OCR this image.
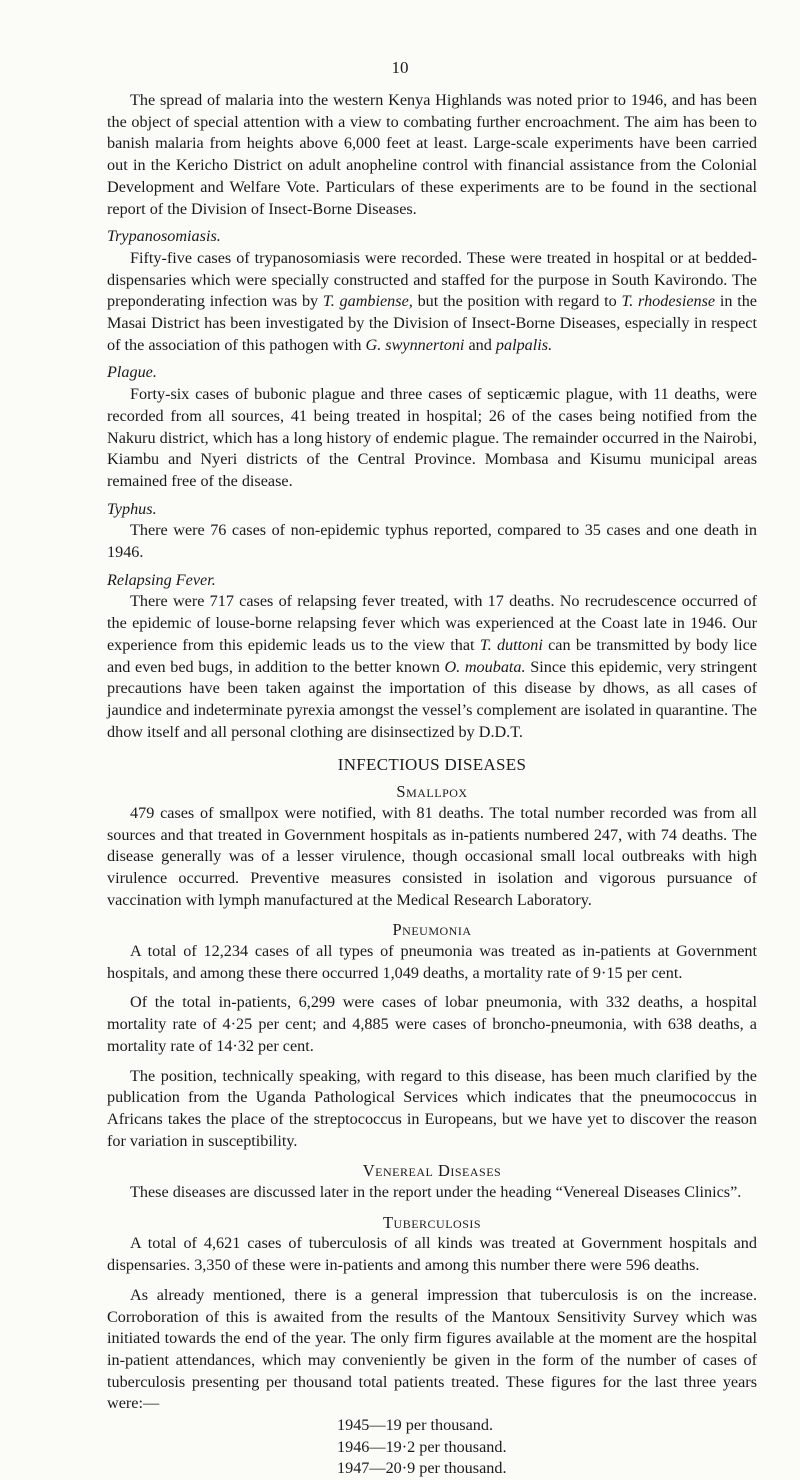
10

The spread of malaria into the western Kenya Highlands was noted prior to 1946, and has been the object of special attention with a view to combating further encroachment. The aim has been to banish malaria from heights above 6,000 feet at least. Large-scale experiments have been carried out in the Kericho District on adult anopheline control with financial assistance from the Colonial Development and Welfare Vote. Particulars of these experiments are to be found in the sectional report of the Division of Insect-Borne Diseases.

Trypanosomiasis.

Fifty-five cases of trypanosomiasis were recorded. These were treated in hospital or at bedded-dispensaries which were specially constructed and staffed for the purpose in South Kavirondo. The preponderating infection was by T. gambiense, but the position with regard to T. rhodesiense in the Masai District has been investigated by the Division of Insect-Borne Diseases, especially in respect of the association of this pathogen with G. swynnertoni and palpalis.

Plague.

Forty-six cases of bubonic plague and three cases of septicæmic plague, with 11 deaths, were recorded from all sources, 41 being treated in hospital; 26 of the cases being notified from the Nakuru district, which has a long history of endemic plague. The remainder occurred in the Nairobi, Kiambu and Nyeri districts of the Central Province. Mombasa and Kisumu municipal areas remained free of the disease.

Typhus.

There were 76 cases of non-epidemic typhus reported, compared to 35 cases and one death in 1946.

Relapsing Fever.

There were 717 cases of relapsing fever treated, with 17 deaths. No recrudescence occurred of the epidemic of louse-borne relapsing fever which was experienced at the Coast late in 1946. Our experience from this epidemic leads us to the view that T. duttoni can be transmitted by body lice and even bed bugs, in addition to the better known O. moubata. Since this epidemic, very stringent precautions have been taken against the importation of this disease by dhows, as all cases of jaundice and indeterminate pyrexia amongst the vessel’s complement are isolated in quarantine. The dhow itself and all personal clothing are disinsectized by D.D.T.

INFECTIOUS DISEASES

Smallpox

479 cases of smallpox were notified, with 81 deaths. The total number recorded was from all sources and that treated in Government hospitals as in-patients numbered 247, with 74 deaths. The disease generally was of a lesser virulence, though occasional small local outbreaks with high virulence occurred. Preventive measures consisted in isolation and vigorous pursuance of vaccination with lymph manufactured at the Medical Research Laboratory.

Pneumonia

A total of 12,234 cases of all types of pneumonia was treated as in-patients at Government hospitals, and among these there occurred 1,049 deaths, a mortality rate of 9·15 per cent.

Of the total in-patients, 6,299 were cases of lobar pneumonia, with 332 deaths, a hospital mortality rate of 4·25 per cent; and 4,885 were cases of broncho-pneumonia, with 638 deaths, a mortality rate of 14·32 per cent.

The position, technically speaking, with regard to this disease, has been much clarified by the publication from the Uganda Pathological Services which indicates that the pneumococcus in Africans takes the place of the streptococcus in Europeans, but we have yet to discover the reason for variation in susceptibility.

Venereal Diseases

These diseases are discussed later in the report under the heading “Venereal Diseases Clinics”.

Tuberculosis

A total of 4,621 cases of tuberculosis of all kinds was treated at Government hospitals and dispensaries. 3,350 of these were in-patients and among this number there were 596 deaths.

As already mentioned, there is a general impression that tuberculosis is on the increase. Corroboration of this is awaited from the results of the Mantoux Sensitivity Survey which was initiated towards the end of the year. The only firm figures available at the moment are the hospital in-patient attendances, which may conveniently be given in the form of the number of cases of tuberculosis presenting per thousand total patients treated. These figures for the last three years were:—

1945—19 per thousand.
1946—19·2 per thousand.
1947—20·9 per thousand.
